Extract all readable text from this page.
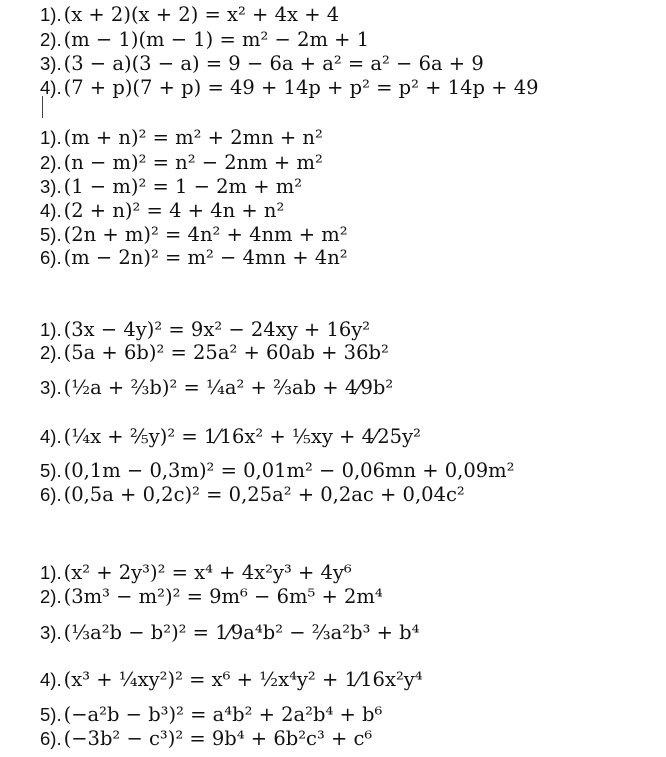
1). (x + 2)(x + 2) = x² + 4x + 4
2). (m − 1)(m − 1) = m² − 2m + 1
3). (3 − a)(3 − a) = 9 − 6a + a² = a² − 6a + 9
4). (7 + p)(7 + p) = 49 + 14p + p² = p² + 14p + 49
1). (m + n)² = m² + 2mn + n²
2). (n − m)² = n² − 2nm + m²
3). (1 − m)² = 1 − 2m + m²
4). (2 + n)² = 4 + 4n + n²
5). (2n + m)² = 4n² + 4nm + m²
6). (m − 2n)² = m² − 4mn + 4n²
1). (3x − 4y)² = 9x² − 24xy + 16y²
2). (5a + 6b)² = 25a² + 60ab + 36b²
3). (½a + ⅔b)² = ¼a² + ⅔ab + 4⁄9b²
4). (¼x + ⅖y)² = 1⁄16x² + ⅕xy + 4⁄25y²
5). (0,1m − 0,3m)² = 0,01m² − 0,06mn + 0,09m²
6). (0,5a + 0,2c)² = 0,25a² + 0,2ac + 0,04c²
1). (x² + 2y³)² = x⁴ + 4x²y³ + 4y⁶
2). (3m³ − m²)² = 9m⁶ − 6m⁵ + 2m⁴
3). (⅓a²b − b²)² = 1⁄9a⁴b² − ⅔a²b³ + b⁴
4). (x³ + ¼xy²)² = x⁶ + ½x⁴y² + 1⁄16x²y⁴
5). (−a²b − b³)² = a⁴b² + 2a²b⁴ + b⁶
6). (−3b² − c³)² = 9b⁴ + 6b²c³ + c⁶
